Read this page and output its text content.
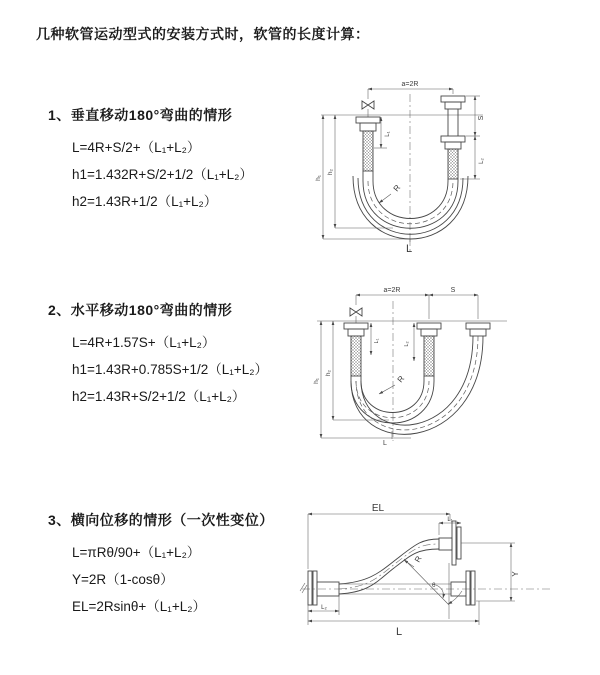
几种软管运动型式的安装方式时，软管的长度计算：
1、垂直移动180°弯曲的情形
L=4R+S/2+（L₁+L₂）
h1=1.432R+S/2+1/2（L₁+L₂）
h2=1.43R+1/2（L₁+L₂）
2、水平移动180°弯曲的情形
L=4R+1.57S+（L₁+L₂）
h1=1.43R+0.785S+1/2（L₁+L₂）
h2=1.43R+S/2+1/2（L₁+L₂）
3、横向位移的情形（一次性变位）
L=πRθ/90+（L₁+L₂）
Y=2R（1-cosθ）
EL=2Rsinθ+（L₁+L₂）
a=2R
R
h₁
h₂
L₁
S
L₂
L
a=2R	S
R
h₁
h₂
L₁
L₂
L
EL
L₁
R
θ
Y
L₂
L
